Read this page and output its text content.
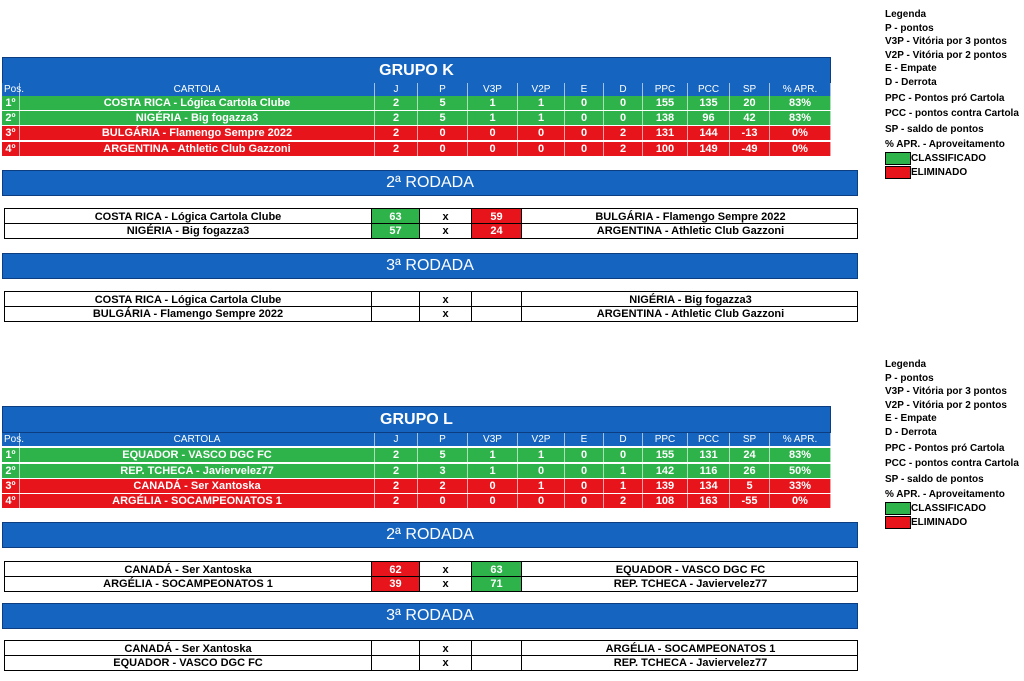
GRUPO K
Pos.	CARTOLA	J	P	V3P	V2P	E	D	PPC	PCC	SP	% APR.
1º	COSTA RICA - Lógica Cartola Clube	2	5	1	1	0	0	155	135	20	83%
2º	NIGÉRIA - Big fogazza3	2	5	1	1	0	0	138	96	42	83%
3º	BULGÁRIA - Flamengo Sempre 2022	2	0	0	0	0	2	131	144	-13	0%
4º	ARGENTINA - Athletic Club Gazzoni	2	0	0	0	0	2	100	149	-49	0%
2ª RODADA
COSTA RICA - Lógica Cartola Clube	63	x	59	BULGÁRIA - Flamengo Sempre 2022
NIGÉRIA - Big fogazza3	57	x	24	ARGENTINA - Athletic Club Gazzoni
3ª RODADA
COSTA RICA - Lógica Cartola Clube	x	NIGÉRIA - Big fogazza3
BULGÁRIA - Flamengo Sempre 2022	x	ARGENTINA - Athletic Club Gazzoni
Legenda
P - pontos
V3P - Vitória por 3 pontos
V2P - Vitória por 2 pontos
E - Empate
D - Derrota
PPC - Pontos pró Cartola
PCC - pontos contra Cartola
SP - saldo de pontos
% APR. - Aproveitamento
CLASSIFICADO
ELIMINADO
GRUPO L
Pos.	CARTOLA	J	P	V3P	V2P	E	D	PPC	PCC	SP	% APR.
1º	EQUADOR - VASCO DGC FC	2	5	1	1	0	0	155	131	24	83%
2º	REP. TCHECA - Javiervelez77	2	3	1	0	0	1	142	116	26	50%
3º	CANADÁ - Ser Xantoska	2	2	0	1	0	1	139	134	5	33%
4º	ARGÉLIA - SOCAMPEONATOS 1	2	0	0	0	0	2	108	163	-55	0%
2ª RODADA
CANADÁ - Ser Xantoska	62	x	63	EQUADOR - VASCO DGC FC
ARGÉLIA - SOCAMPEONATOS 1	39	x	71	REP. TCHECA - Javiervelez77
3ª RODADA
CANADÁ - Ser Xantoska	x	ARGÉLIA - SOCAMPEONATOS 1
EQUADOR - VASCO DGC FC	x	REP. TCHECA - Javiervelez77
Legenda
P - pontos
V3P - Vitória por 3 pontos
V2P - Vitória por 2 pontos
E - Empate
D - Derrota
PPC - Pontos pró Cartola
PCC - pontos contra Cartola
SP - saldo de pontos
% APR. - Aproveitamento
CLASSIFICADO
ELIMINADO
